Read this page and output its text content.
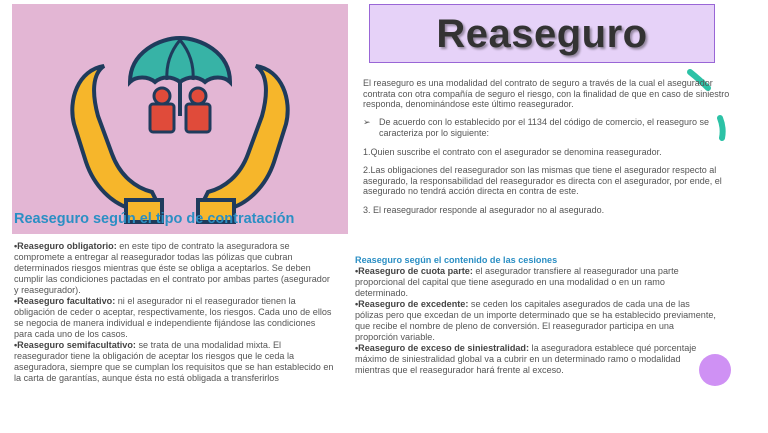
Reaseguro según el tipo de contratación
Reaseguro

El reaseguro es una modalidad del contrato de seguro a través de la cual el asegurador contrata con otra compañía de seguro el riesgo, con la finalidad de que en caso de siniestro responda, denominándose este último reasegurador.

➢ De acuerdo con lo establecido por el 1134 del código de comercio, el reaseguro se caracteriza por lo siguiente:

1.Quien suscribe el contrato con el asegurador se denomina reasegurador.

2.Las obligaciones del reasegurador son las mismas que tiene el asegurador respecto al asegurado, la responsabilidad del reasegurador es directa con el asegurador, por ende, el asegurado no tendrá acción directa en contra de este.

3. El reasegurador responde al asegurador no al asegurado.

•Reaseguro obligatorio: en este tipo de contrato la aseguradora se compromete a entregar al reasegurador todas las pólizas que cubran determinados riesgos mientras que éste se obliga a aceptarlos. Se deben cumplir las condiciones pactadas en el contrato por ambas partes (asegurador y reasegurador).

•Reaseguro facultativo: ni el asegurador ni el reasegurador tienen la obligación de ceder o aceptar, respectivamente, los riesgos. Cada uno de ellos se negocia de manera individual e independiente fijándose las condiciones para cada uno de los casos.

•Reaseguro semifacultativo: se trata de una modalidad mixta. El reasegurador tiene la obligación de aceptar los riesgos que le ceda la aseguradora, siempre que se cumplan los requisitos que se han establecido en la carta de garantías, aunque ésta no está obligada a transferirlos

Reaseguro según el contenido de las cesiones

•Reaseguro de cuota parte: el asegurador transfiere al reasegurador una parte proporcional del capital que tiene asegurado en una modalidad o en un ramo determinado.

•Reaseguro de excedente: se ceden los capitales asegurados de cada una de las pólizas pero que excedan de un importe determinado que se ha establecido previamente, que recibe el nombre de pleno de conversión. El reasegurador participa en una proporción variable.

•Reaseguro de exceso de siniestralidad: la aseguradora establece qué porcentaje máximo de siniestralidad global va a cubrir en un determinado ramo o modalidad mientras que el reasegurador hará frente al exceso.
